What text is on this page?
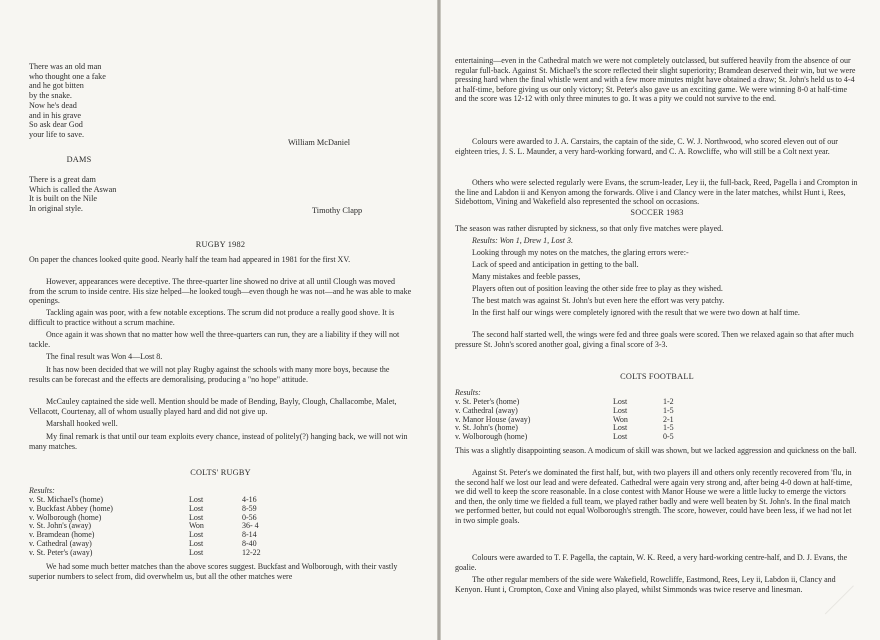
There was an old man
who thought one a fake
and he got bitten
by the snake.
Now he's dead
and in his grave
So ask dear God
your life to save.

William McDaniel

DAMS

There is a great dam
Which is called the Aswan
It is built on the Nile
In original style.	Timothy Clapp

RUGBY 1982

On paper the chances looked quite good. Nearly half the team had appeared in 1981 for the first XV.

However, appearances were deceptive. The three-quarter line showed no drive at all until Clough was moved from the scrum to inside centre. His size helped—he looked tough—even though he was not—and he was able to make openings.

Tackling again was poor, with a few notable exceptions. The scrum did not produce a really good shove. It is difficult to practice without a scrum machine.

Once again it was shown that no matter how well the three-quarters can run, they are a liability if they will not tackle.

The final result was Won 4—Lost 8.

It has now been decided that we will not play Rugby against the schools with many more boys, because the results can be forecast and the effects are demoralising, producing a "no hope" attitude.

McCauley captained the side well. Mention should be made of Bending, Bayly, Clough, Challacombe, Malet, Vellacott, Courtenay, all of whom usually played hard and did not give up.

Marshall hooked well.

My final remark is that until our team exploits every chance, instead of politely(?) hanging back, we will not win many matches.

COLTS' RUGBY

Results:

v. St. Michael's (home)	Lost	4-16
v. Buckfast Abbey (home)	Lost	8-59
v. Wolborough (home)	Lost	0-56
v. St. John's (away)	Won	36- 4
v. Bramdean (home)	Lost	8-14
v. Cathedral (away)	Lost	8-40
v. St. Peter's (away)	Lost	12-22

We had some much better matches than the above scores suggest. Buckfast and Wolborough, with their vastly superior numbers to select from, did overwhelm us, but all the other matches were

entertaining—even in the Cathedral match we were not completely outclassed, but suffered heavily from the absence of our regular full-back. Against St. Michael's the score reflected their slight superiority; Bramdean deserved their win, but we were pressing hard when the final whistle went and with a few more minutes might have obtained a draw; St. John's held us to 4-4 at half-time, before giving us our only victory; St. Peter's also gave us an exciting game. We were winning 8-0 at half-time and the score was 12-12 with only three minutes to go. It was a pity we could not survive to the end.

Colours were awarded to J. A. Carstairs, the captain of the side, C. W. J. Northwood, who scored eleven out of our eighteen tries, J. S. L. Maunder, a very hard-working forward, and C. A. Rowcliffe, who will still be a Colt next year.

Others who were selected regularly were Evans, the scrum-leader, Ley ii, the full-back, Reed, Pagella i and Crompton in the line and Labdon ii and Kenyon among the forwards. Olive i and Clancy were in the later matches, whilst Hunt i, Rees, Sidebottom, Vining and Wakefield also represented the school on occasions.

SOCCER 1983

The season was rather disrupted by sickness, so that only five matches were played.

Results: Won 1, Drew 1, Lost 3.

Looking through my notes on the matches, the glaring errors were:-

Lack of speed and anticipation in getting to the ball.

Many mistakes and feeble passes,

Players often out of position leaving the other side free to play as they wished.

The best match was against St. John's but even here the effort was very patchy.

In the first half our wings were completely ignored with the result that we were two down at half time.

The second half started well, the wings were fed and three goals were scored. Then we relaxed again so that after much pressure St. John's scored another goal, giving a final score of 3-3.

COLTS FOOTBALL

Results:

v. St. Peter's (home)	Lost	1-2
v. Cathedral (away)	Lost	1-5
v. Manor House (away)	Won	2-1
v. St. John's (home)	Lost	1-5
v. Wolborough (home)	Lost	0-5

This was a slightly disappointing season. A modicum of skill was shown, but we lacked aggression and quickness on the ball.

Against St. Peter's we dominated the first half, but, with two players ill and others only recently recovered from 'flu, in the second half we lost our lead and were defeated. Cathedral were again very strong and, after being 4-0 down at half-time, we did well to keep the score reasonable. In a close contest with Manor House we were a little lucky to emerge the victors and then, the only time we fielded a full team, we played rather badly and were well beaten by St. John's. In the final match we performed better, but could not equal Wolborough's strength. The score, however, could have been less, if we had not let in two simple goals.

Colours were awarded to T. F. Pagella, the captain, W. K. Reed, a very hard-working centre-half, and D. J. Evans, the goalie.

The other regular members of the side were Wakefield, Rowcliffe, Eastmond, Rees, Ley ii, Labdon ii, Clancy and Kenyon. Hunt i, Crompton, Coxe and Vining also played, whilst Simmonds was twice reserve and linesman.
